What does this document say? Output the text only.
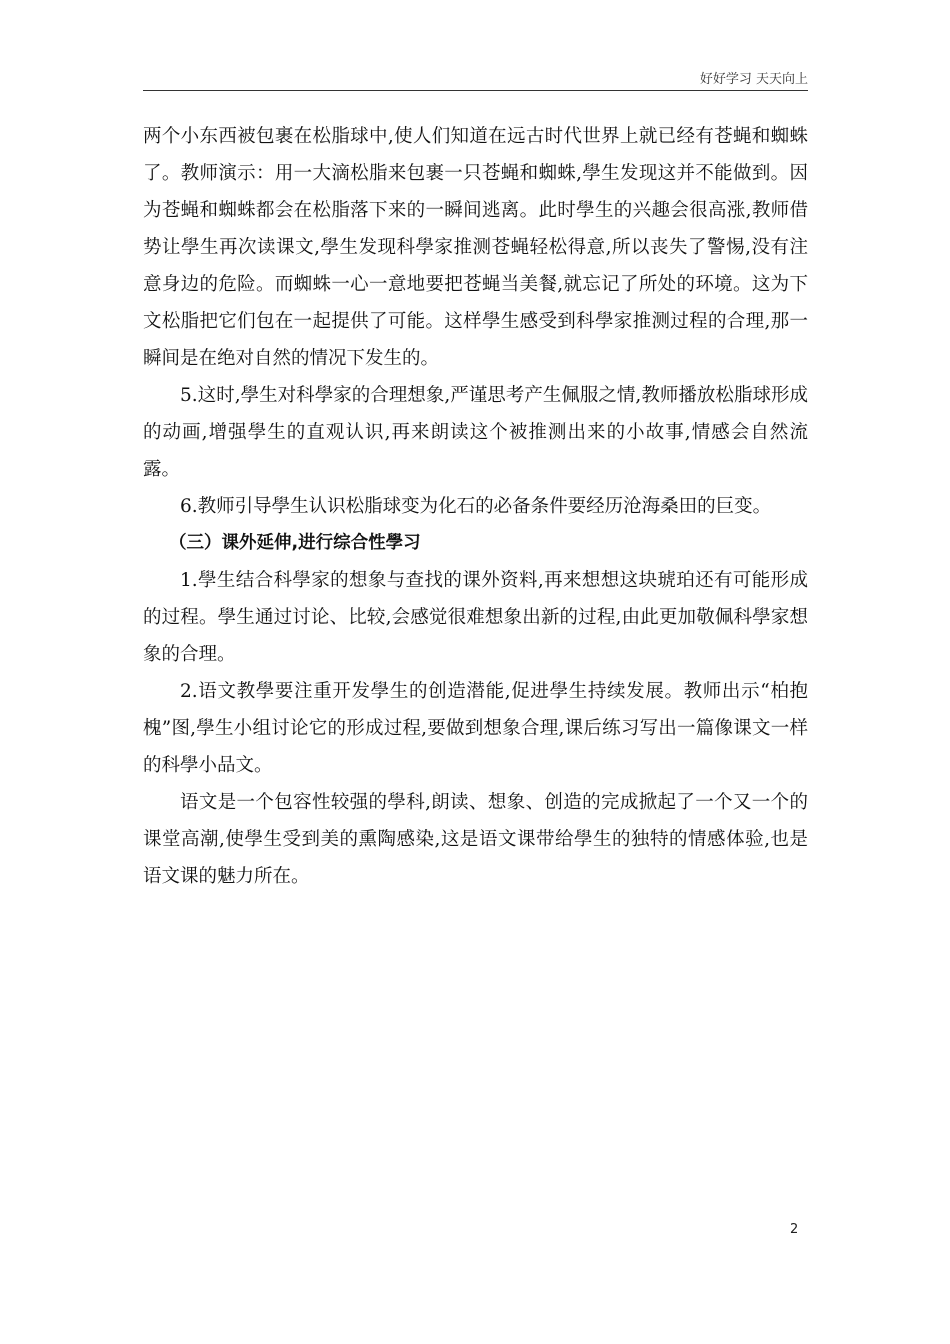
好好学习 天天向上

两个小东西被包裹在松脂球中,使人们知道在远古时代世界上就已经有苍蝇和蜘蛛了。教师演示：用一大滴松脂来包裹一只苍蝇和蜘蛛,學生发现这并不能做到。因为苍蝇和蜘蛛都会在松脂落下来的一瞬间逃离。此时學生的兴趣会很高涨,教师借势让學生再次读课文,學生发现科學家推测苍蝇轻松得意,所以丧失了警惕,没有注意身边的危险。而蜘蛛一心一意地要把苍蝇当美餐,就忘记了所处的环境。这为下文松脂把它们包在一起提供了可能。这样學生感受到科學家推测过程的合理,那一瞬间是在绝对自然的情况下发生的。

5.这时,學生对科學家的合理想象,严谨思考产生佩服之情,教师播放松脂球形成的动画,增强學生的直观认识,再来朗读这个被推测出来的小故事,情感会自然流露。

6.教师引导學生认识松脂球变为化石的必备条件要经历沧海桑田的巨变。

（三）课外延伸,进行综合性學习

1.學生结合科學家的想象与查找的课外资料,再来想想这块琥珀还有可能形成的过程。學生通过讨论、比较,会感觉很难想象出新的过程,由此更加敬佩科學家想象的合理。

2.语文教學要注重开发學生的创造潜能,促进學生持续发展。教师出示“柏抱槐”图,學生小组讨论它的形成过程,要做到想象合理,课后练习写出一篇像课文一样的科學小品文。

语文是一个包容性较强的學科,朗读、想象、创造的完成掀起了一个又一个的课堂高潮,使學生受到美的熏陶感染,这是语文课带给學生的独特的情感体验,也是语文课的魅力所在。

2
